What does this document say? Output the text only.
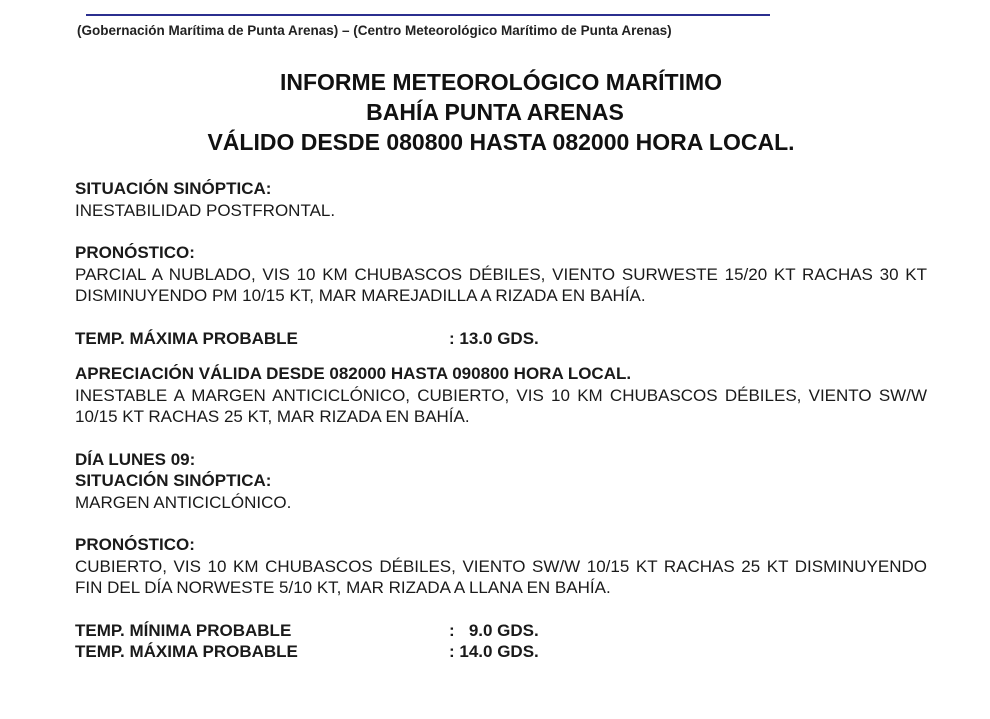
(Gobernación Marítima de Punta Arenas) – (Centro Meteorológico Marítimo de Punta Arenas)
INFORME METEOROLÓGICO MARÍTIMO
BAHÍA PUNTA ARENAS
VÁLIDO DESDE 080800 HASTA 082000 HORA LOCAL.
SITUACIÓN SINÓPTICA:
INESTABILIDAD POSTFRONTAL.
PRONÓSTICO:
PARCIAL A NUBLADO, VIS 10 KM CHUBASCOS DÉBILES, VIENTO SURWESTE 15/20 KT RACHAS 30 KT DISMINUYENDO PM 10/15 KT, MAR MAREJADILLA A RIZADA EN BAHÍA.
TEMP. MÁXIMA PROBABLE	: 13.0 GDS.
APRECIACIÓN VÁLIDA DESDE 082000 HASTA 090800 HORA LOCAL.
INESTABLE A MARGEN ANTICICLÓNICO, CUBIERTO, VIS 10 KM CHUBASCOS DÉBILES, VIENTO SW/W 10/15 KT RACHAS 25 KT, MAR RIZADA EN BAHÍA.
DÍA LUNES 09:
SITUACIÓN SINÓPTICA:
MARGEN ANTICICLÓNICO.
PRONÓSTICO:
CUBIERTO, VIS 10 KM CHUBASCOS DÉBILES, VIENTO SW/W 10/15 KT RACHAS 25 KT DISMINUYENDO FIN DEL DÍA NORWESTE 5/10 KT, MAR RIZADA A LLANA EN BAHÍA.
TEMP. MÍNIMA PROBABLE	:   9.0 GDS.
TEMP. MÁXIMA PROBABLE	: 14.0 GDS.
